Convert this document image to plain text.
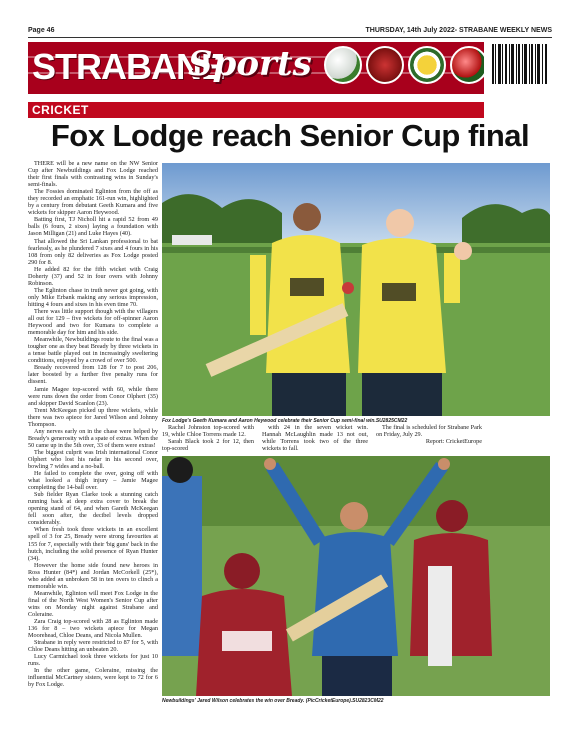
Page 46	THURSDAY, 14th July 2022- STRABANE WEEKLY NEWS
STRABANE
Sports
CRICKET
Fox Lodge reach Senior Cup final

THERE will be a new name on the NW Senior Cup after Newbuildings and Fox Lodge reached their first finals with contrasting wins in Sunday's semi-finals.

The Fossies dominated Eglinton from the off as they recorded an emphatic 161-run win, highlighted by a century from debutant Geeth Kumara and five wickets for skipper Aaron Heywood.

Batting first, TJ Nicholl hit a rapid 52 from 49 balls (6 fours, 2 sixes) laying a foundation with Jason Milligan (21) and Luke Hayes (40).

That allowed the Sri Lankan professional to bat fearlessly, as he plundered 7 sixes and 4 fours in his 108 from only 82 deliveries as Fox Lodge posted 290 for 8.

He added 82 for the fifth wicket with Craig Doherty (37) and 52 in four overs with Johnny Robinson.

The Eglinton chase in truth never got going, with only Mike Erbank making any serious impression, hitting 4 fours and sixes in his even time 70.

There was little support though with the villagers all out for 129 – five wickets for off-spinner Aaron Heywood and two for Kumara to complete a memorable day for him and his side.

Meanwhile, Newbuildings route to the final was a tougher one as they beat Bready by three wickets in a tense battle played out in increasingly sweltering conditions, enjoyed by a crowd of over 500.

Bready recovered from 128 for 7 to post 206, later boosted by a further five penalty runs for dissent.

Jamie Magee top-scored with 60, while there were runs down the order from Conor Olphert (35) and skipper David Scanlon (23).

Trent McKeegan picked up three wickets, while there was two apiece for Jared Wilson and Johnny Thompson.

Any nerves early on in the chase were helped by Bready's generosity with a spate of extras. When the 50 came up in the 5th over, 33 of them were extras!

The biggest culprit was Irish international Conor Olphert who lost his radar in his second over, bowling 7 wides and a no-ball.

He failed to complete the over, going off with what looked a thigh injury – Jamie Magee completing the 14-ball over.

Sub fielder Ryan Clarke took a stunning catch running back at deep extra cover to break the opening stand of 64, and when Gareth McKeegan fell soon after, the decibel levels dropped considerably.

When fresh took three wickets in an excellent spell of 3 for 25, Bready were strong favourites at 155 for 7, especially with their 'big guns' back in the hutch, including the solid presence of Ryan Hunter (34).

However the home side found new heroes in Ross Hunter (84*) and Jordan McCorkell (25*), who added an unbroken 58 in ten overs to clinch a memorable win.

Meanwhile, Eglinton will meet Fox Lodge in the final of the North West Women's Senior Cup after wins on Monday night against Strabane and Coleraine.

Zara Craig top-scored with 28 as Eglinton made 136 for 8 – two wickets apiece for Megan Moorehead, Chloe Deans, and Nicola Mullen.

Strabane in reply were restricted to 87 for 5, with Chloe Deans hitting an unbeaten 20.

Lucy Carmichael took three wickets for just 10 runs.

In the other game, Coleraine, missing the influential McCartney sisters, were kept to 72 for 6 by Fox Lodge.

Fox Lodge's Geeth Kumara and Aaron Heywood celebrate their Senior Cup semi-final win.SU2825CM22

Rachel Johnston top-scored with 19, while Chloe Torrens made 12.

Sarah Black took 2 for 12, then top-scored

with 24 in the seven wicket win. Hannah McLaughlin made 13 not out, while Torrens took two of the three wickets to fall.

The final is scheduled for Strabane Park on Friday, July 29.

Report: CricketEurope

Newbuildings' Jared Wilson celebrates the win over Bready. (PicCricketEurope).SU2823CM22
